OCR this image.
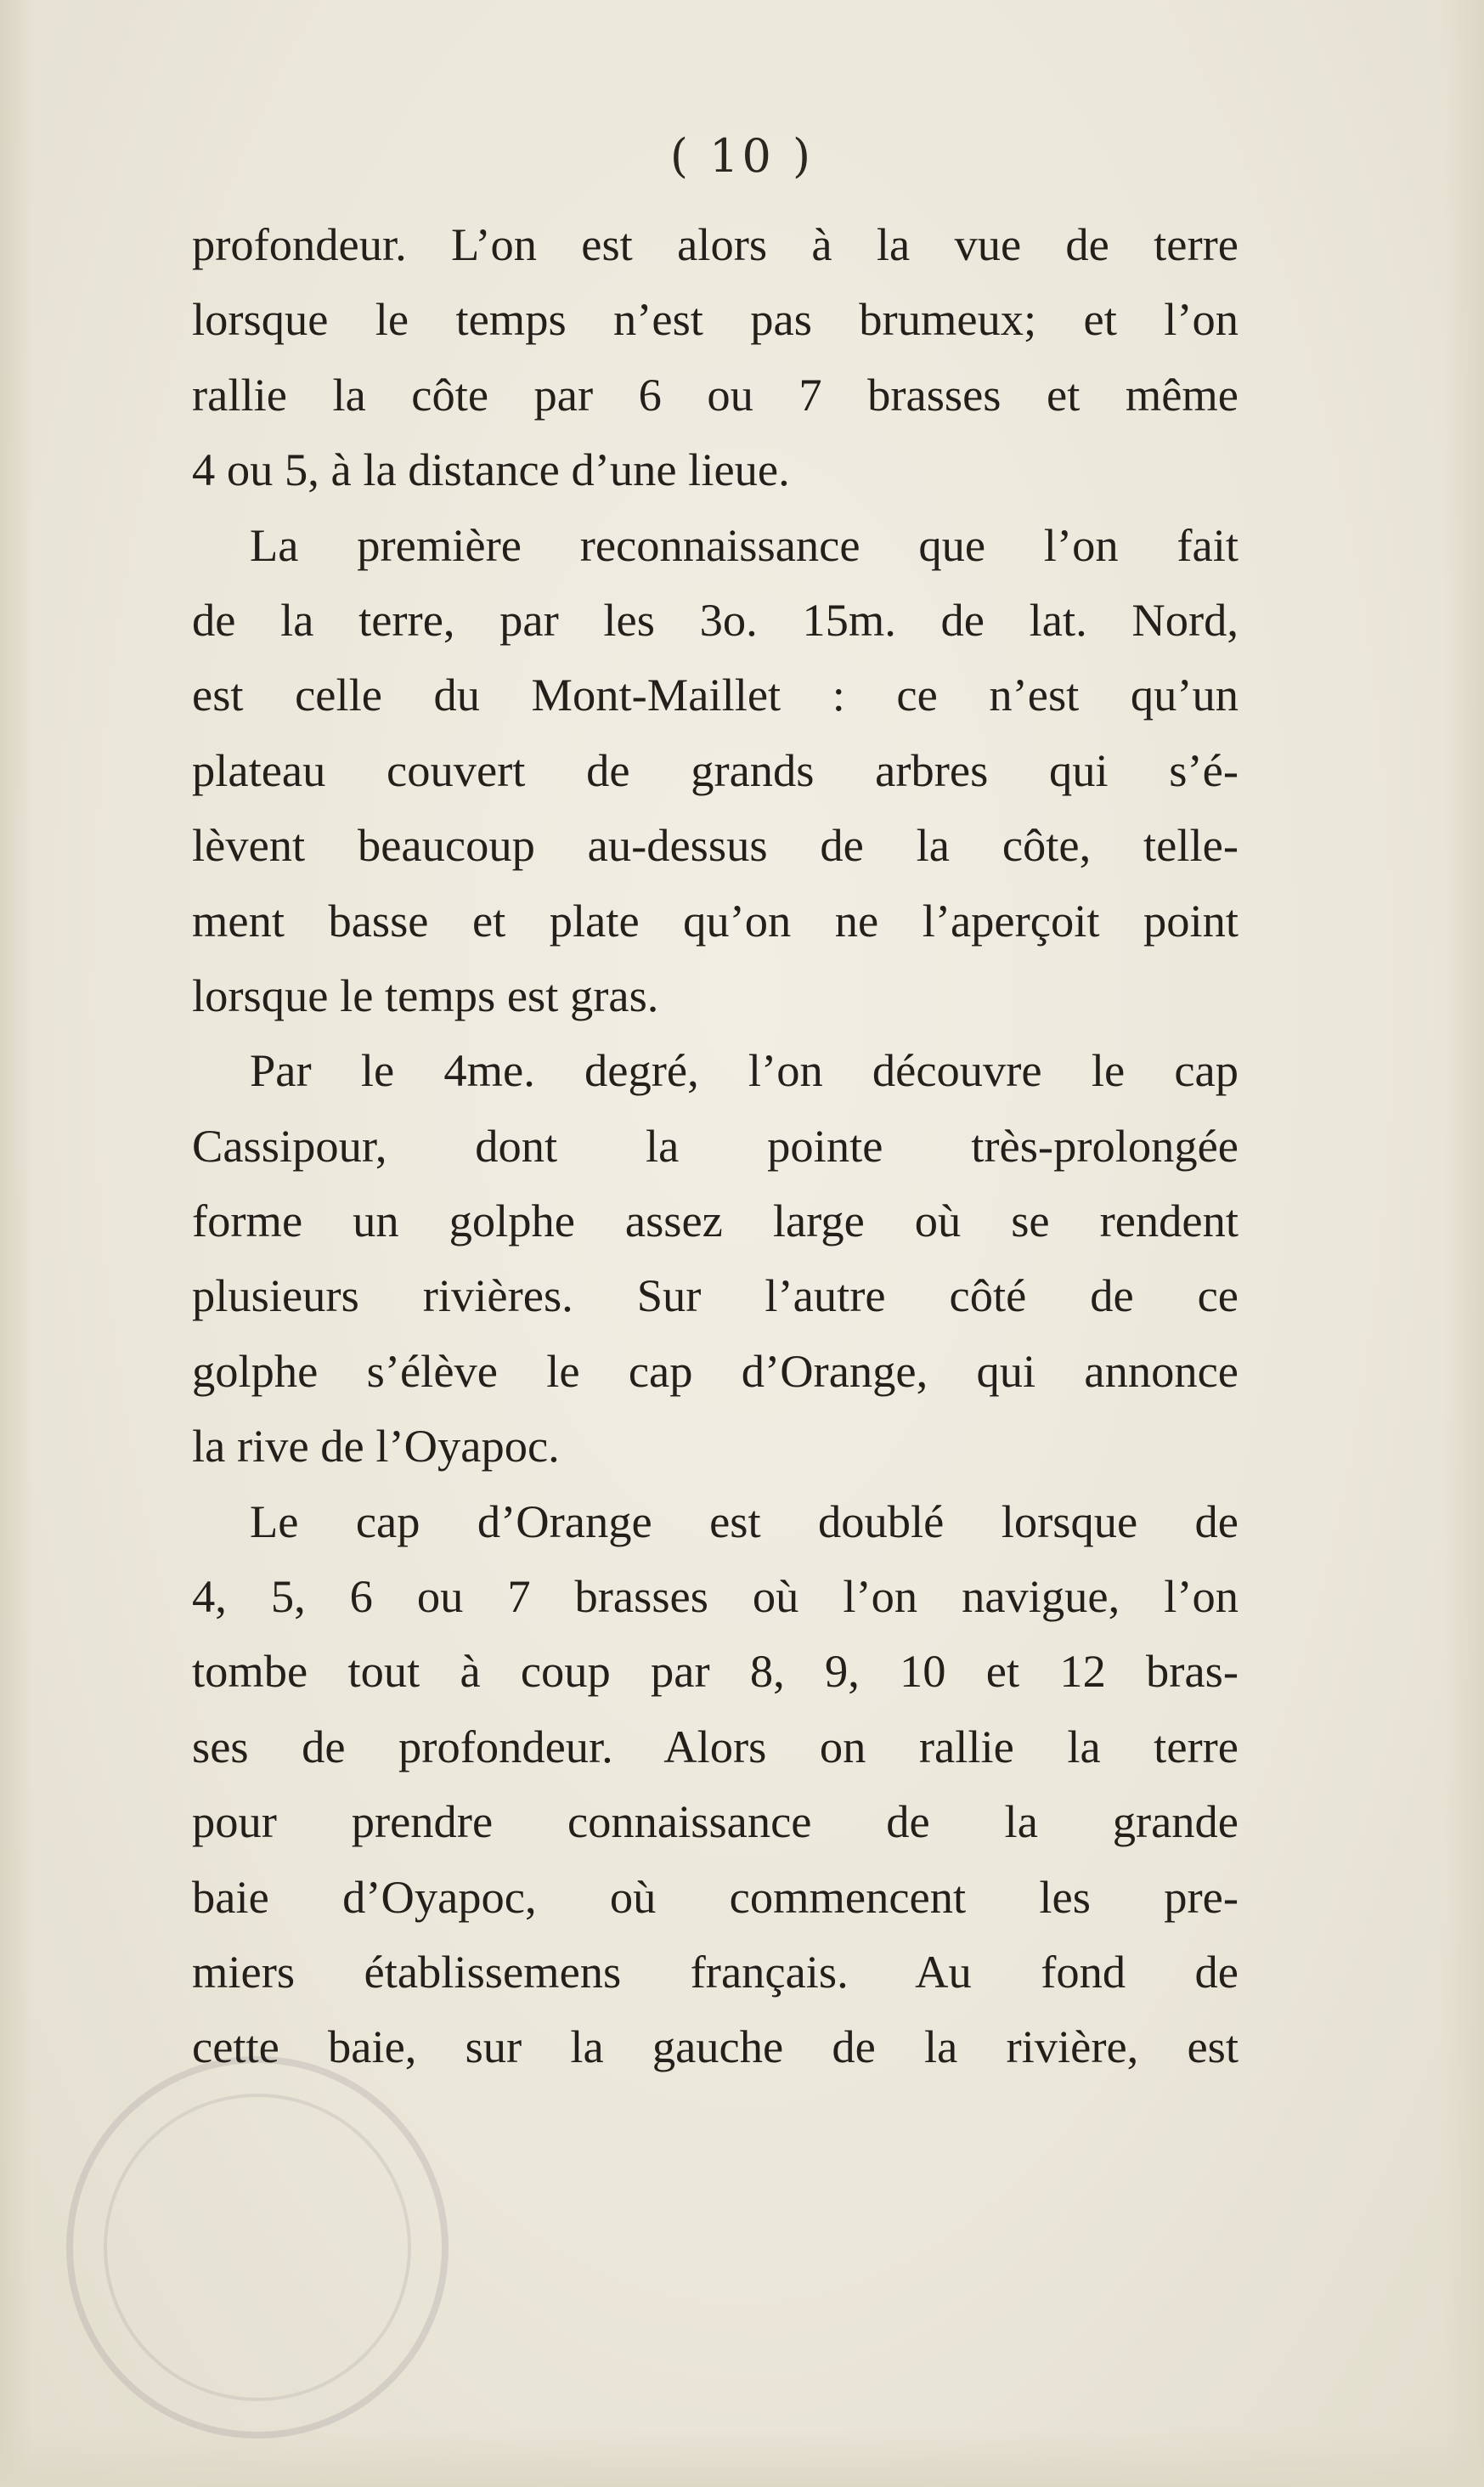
( 10 )
profondeur. L’on est alors à la vue de terre
lorsque le temps n’est pas brumeux; et l’on
rallie la côte par 6 ou 7 brasses et même
4 ou 5, à la distance d’une lieue.
La première reconnaissance que l’on fait
de la terre, par les 3o. 15m. de lat. Nord,
est celle du Mont-Maillet : ce n’est qu’un
plateau couvert de grands arbres qui s’é-
lèvent beaucoup au-dessus de la côte, telle-
ment basse et plate qu’on ne l’aperçoit point
lorsque le temps est gras.
Par le 4me. degré, l’on découvre le cap
Cassipour, dont la pointe très-prolongée
forme un golphe assez large où se rendent
plusieurs rivières. Sur l’autre côté de ce
golphe s’élève le cap d’Orange, qui annonce
la rive de l’Oyapoc.
Le cap d’Orange est doublé lorsque de
4, 5, 6 ou 7 brasses où l’on navigue, l’on
tombe tout à coup par 8, 9, 10 et 12 bras-
ses de profondeur. Alors on rallie la terre
pour prendre connaissance de la grande
baie d’Oyapoc, où commencent les pre-
miers établissemens français. Au fond de
cette baie, sur la gauche de la rivière, est
